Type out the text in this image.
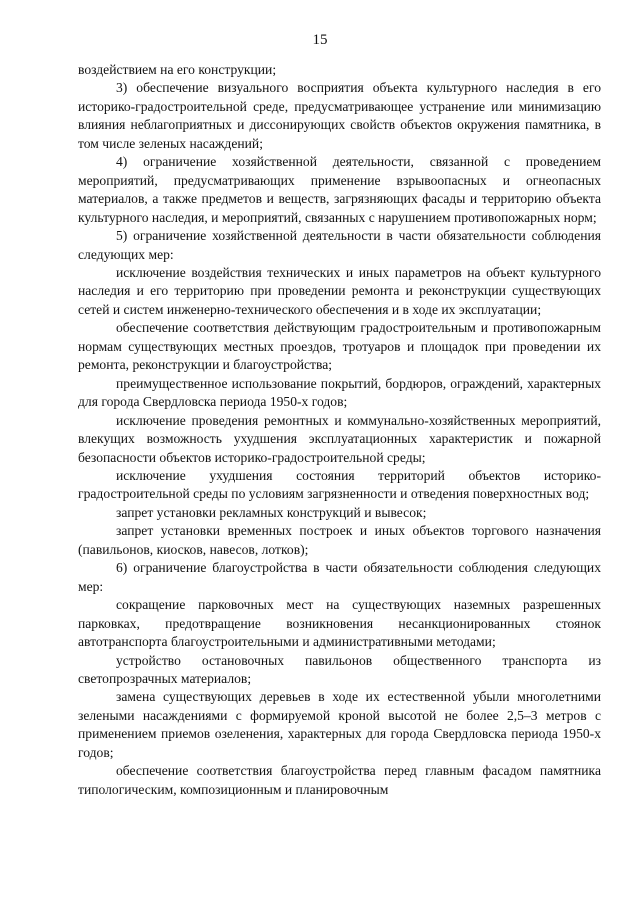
15

воздействием на его конструкции;

3) обеспечение визуального восприятия объекта культурного наследия в его историко-градостроительной среде, предусматривающее устранение или минимизацию влияния неблагоприятных и диссонирующих свойств объектов окружения памятника, в том числе зеленых насаждений;

4) ограничение хозяйственной деятельности, связанной с проведением мероприятий, предусматривающих применение взрывоопасных и огнеопасных материалов, а также предметов и веществ, загрязняющих фасады и территорию объекта культурного наследия, и мероприятий, связанных с нарушением противопожарных норм;

5) ограничение хозяйственной деятельности в части обязательности соблюдения следующих мер:

исключение воздействия технических и иных параметров на объект культурного наследия и его территорию при проведении ремонта и реконструкции существующих сетей и систем инженерно-технического обеспечения и в ходе их эксплуатации;

обеспечение соответствия действующим градостроительным и противопожарным нормам существующих местных проездов, тротуаров и площадок при проведении их ремонта, реконструкции и благоустройства;

преимущественное использование покрытий, бордюров, ограждений, характерных для города Свердловска периода 1950-х годов;

исключение проведения ремонтных и коммунально-хозяйственных мероприятий, влекущих возможность ухудшения эксплуатационных характеристик и пожарной безопасности объектов историко-градостроительной среды;

исключение ухудшения состояния территорий объектов историко-градостроительной среды по условиям загрязненности и отведения поверхностных вод;

запрет установки рекламных конструкций и вывесок;

запрет установки временных построек и иных объектов торгового назначения (павильонов, киосков, навесов, лотков);

6) ограничение благоустройства в части обязательности соблюдения следующих мер:

сокращение парковочных мест на существующих наземных разрешенных парковках, предотвращение возникновения несанкционированных стоянок автотранспорта благоустроительными и административными методами;

устройство остановочных павильонов общественного транспорта из светопрозрачных материалов;

замена существующих деревьев в ходе их естественной убыли многолетними зелеными насаждениями с формируемой кроной высотой не более 2,5–3 метров с применением приемов озеленения, характерных для города Свердловска периода 1950-х годов;

обеспечение соответствия благоустройства перед главным фасадом памятника типологическим, композиционным и планировочным
